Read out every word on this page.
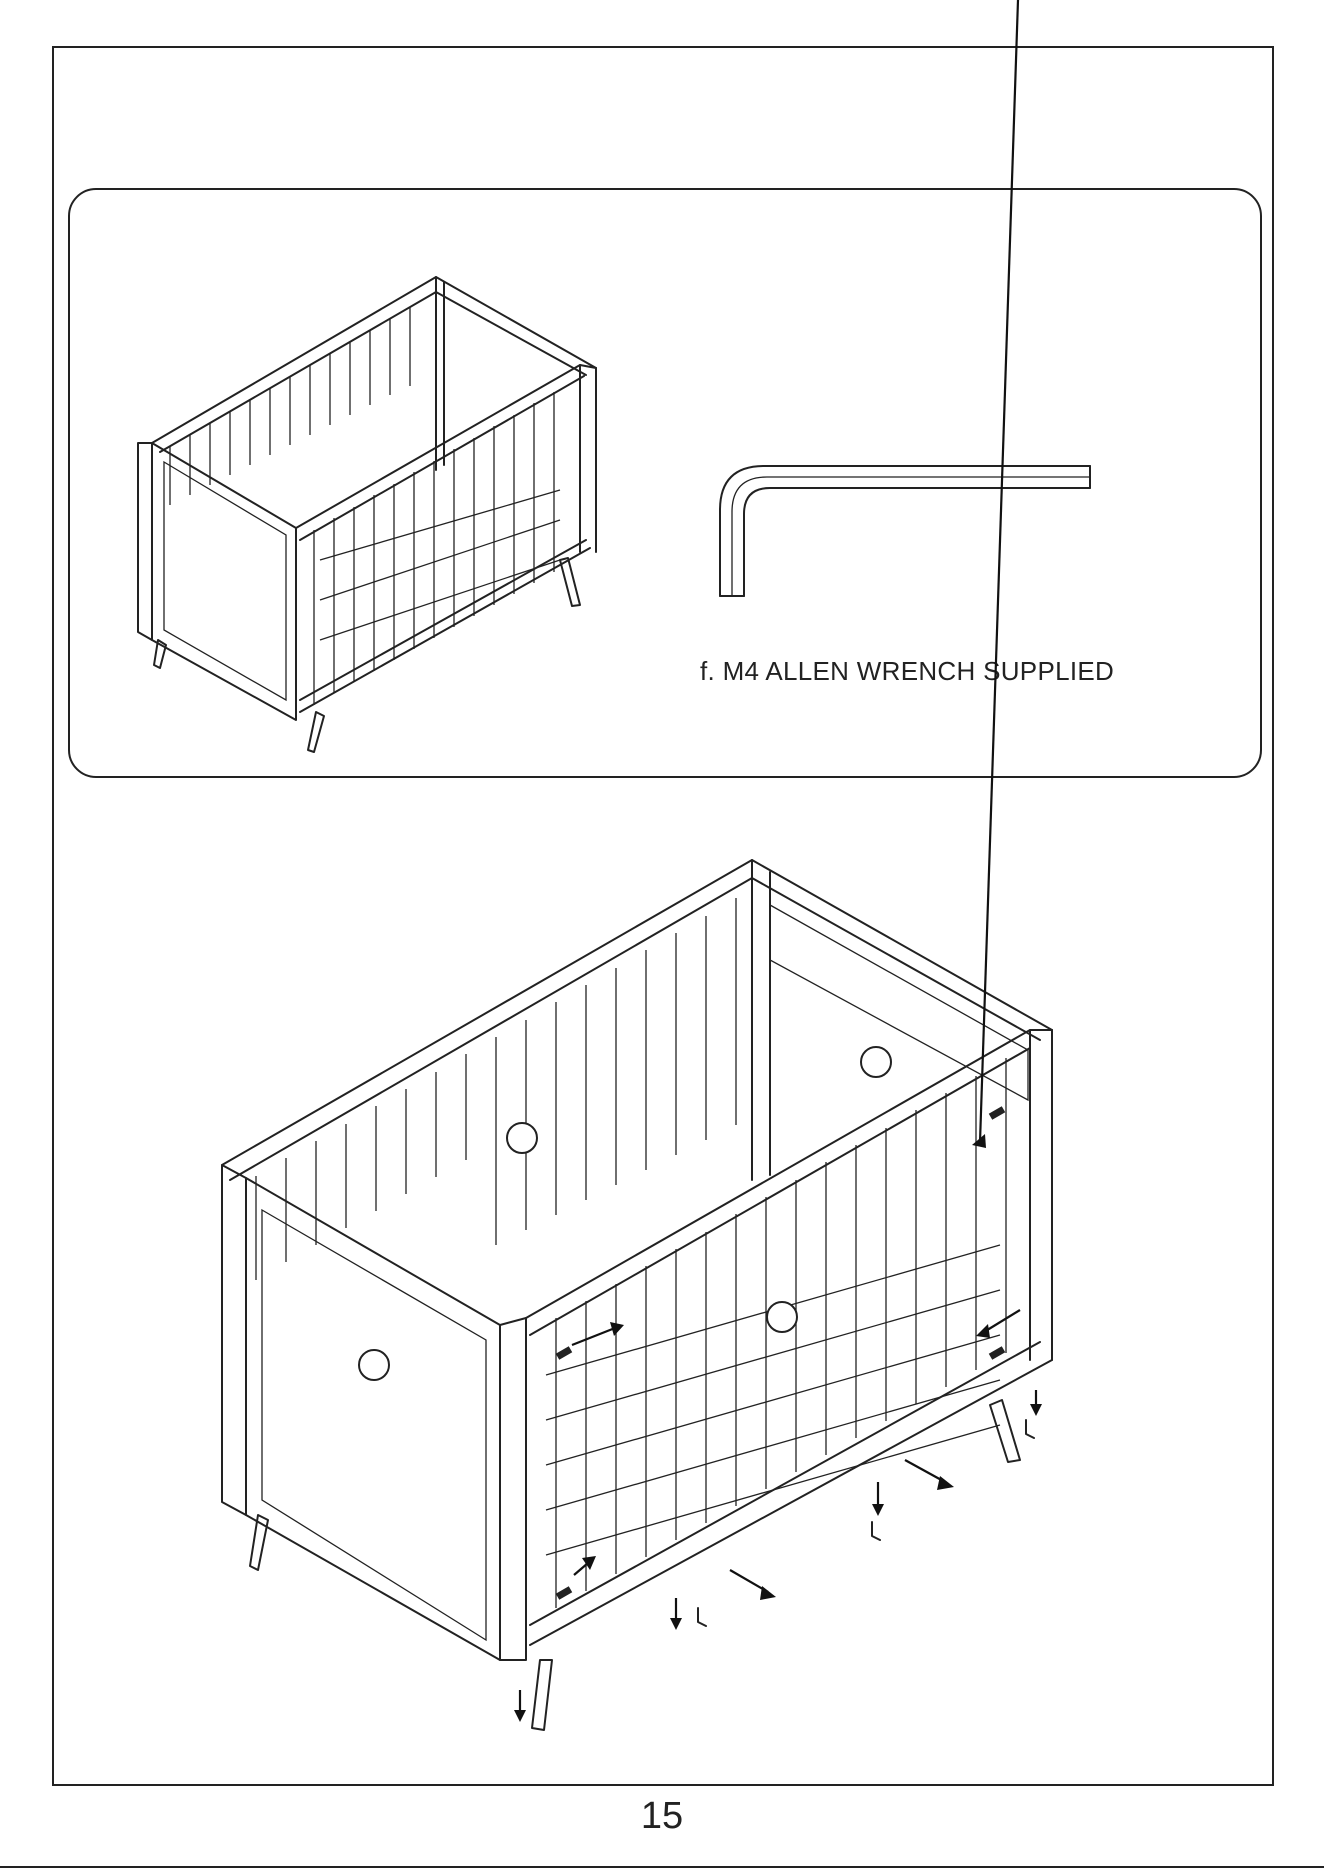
f. M4 ALLEN WRENCH SUPPLIED
15
